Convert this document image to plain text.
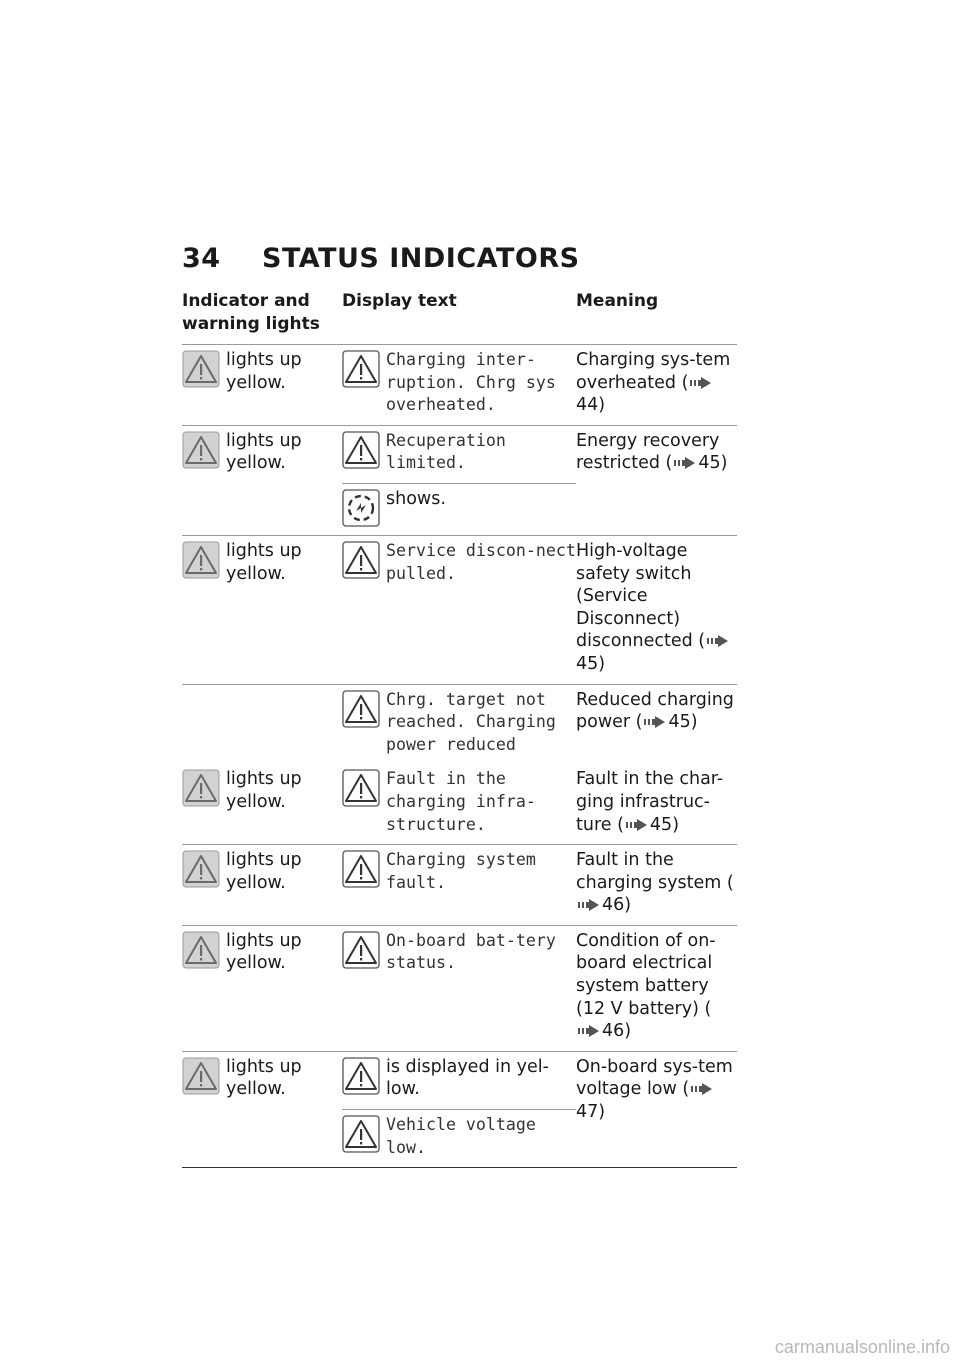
34	STATUS INDICATORS
Indicator and warning lights	Display text	Meaning

lights up yellow.	Charging inter-ruption. Chrg sys overheated.	Charging sys-tem overheated (44)

lights up yellow.	Recuperation limited.	Energy recovery restricted ( 45)

	shows.	

lights up yellow.	Service discon-nect pulled.	High-voltage safety switch (Service Disconnect) disconnected (45)

	Chrg. target not reached. Charging power reduced	Reduced charging power ( 45)

lights up yellow.	Fault in the charging infra-structure.	Fault in the char-ging infrastruc-ture ( 45)

lights up yellow.	Charging system fault.	Fault in the charging system (46)

lights up yellow.	On-board bat-tery status.	Condition of on-board electrical system battery (12 V battery) (46)

lights up yellow.	is displayed in yel-low.	On-board sys-tem voltage low (47)

	Vehicle voltage low.	
carmanualsonline.info
